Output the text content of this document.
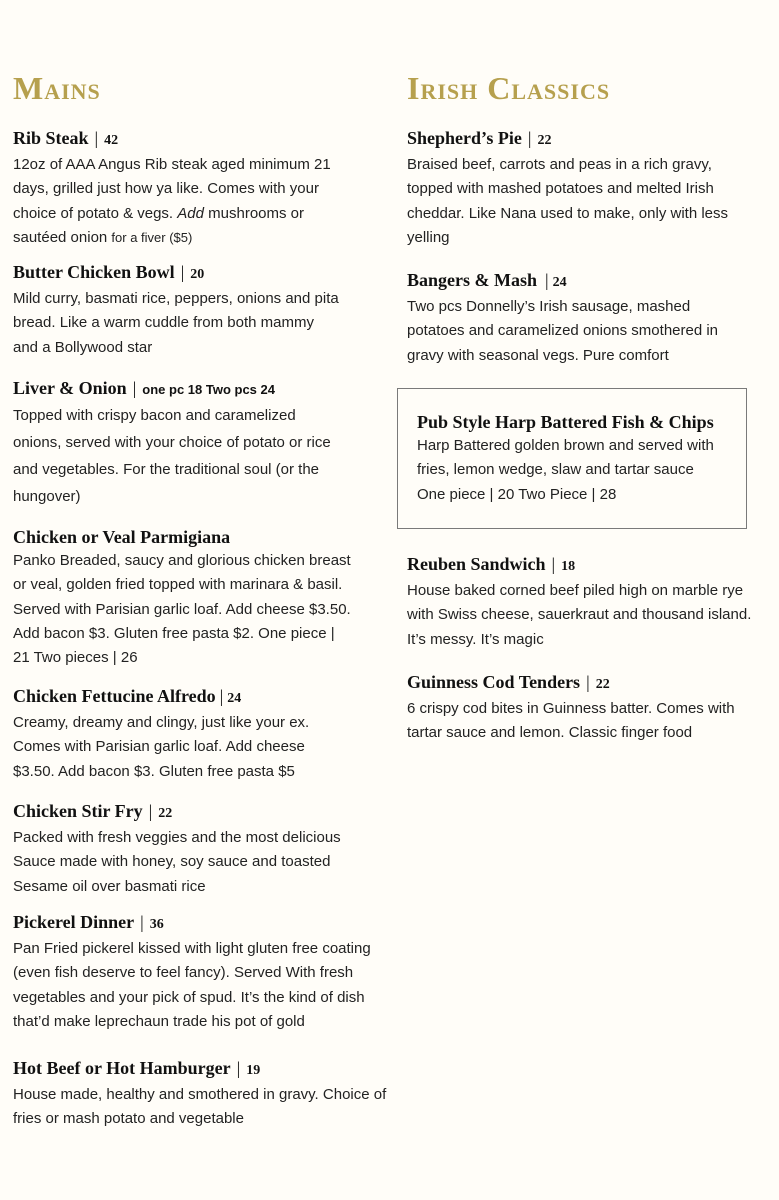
Mains
Rib Steak | 42
12oz of AAA Angus Rib steak aged minimum 21 days, grilled just how ya like. Comes with your choice of potato & vegs. Add mushrooms or sautéed onion for a fiver ($5)
Butter Chicken Bowl | 20
Mild curry, basmati rice, peppers, onions and pita bread. Like a warm cuddle from both mammy and a Bollywood star
Liver & Onion | one pc 18 Two pcs 24
Topped with crispy bacon and caramelized onions, served with your choice of potato or rice and vegetables. For the traditional soul (or the hungover)
Chicken or Veal Parmigiana
Panko Breaded, saucy and glorious chicken breast or veal, golden fried topped with marinara & basil. Served with Parisian garlic loaf. Add cheese $3.50. Add bacon $3. Gluten free pasta $2. One piece | 21 Two pieces | 26
Chicken Fettucine Alfredo | 24
Creamy, dreamy and clingy, just like your ex. Comes with Parisian garlic loaf. Add cheese $3.50. Add bacon $3. Gluten free pasta $5
Chicken Stir Fry | 22
Packed with fresh veggies and the most delicious Sauce made with honey, soy sauce and toasted Sesame oil over basmati rice
Pickerel Dinner | 36
Pan Fried pickerel kissed with light gluten free coating (even fish deserve to feel fancy). Served With fresh vegetables and your pick of spud. It’s the kind of dish that’d make leprechaun trade his pot of gold
Hot Beef or Hot Hamburger | 19
House made, healthy and smothered in gravy. Choice of fries or mash potato and vegetable
Irish Classics
Shepherd’s Pie | 22
Braised beef, carrots and peas in a rich gravy, topped with mashed potatoes and melted Irish cheddar. Like Nana used to make, only with less yelling
Bangers & Mash | 24
Two pcs Donnelly’s Irish sausage, mashed potatoes and caramelized onions smothered in gravy with seasonal vegs. Pure comfort
Reuben Sandwich | 18
House baked corned beef piled high on marble rye with Swiss cheese, sauerkraut and thousand island. It’s messy. It’s magic
Guinness Cod Tenders | 22
6 crispy cod bites in Guinness batter. Comes with tartar sauce and lemon. Classic finger food
Pub Style Harp Battered Fish & Chips
Harp Battered golden brown and served with fries, lemon wedge, slaw and tartar sauce
One piece | 20 Two Piece | 28
